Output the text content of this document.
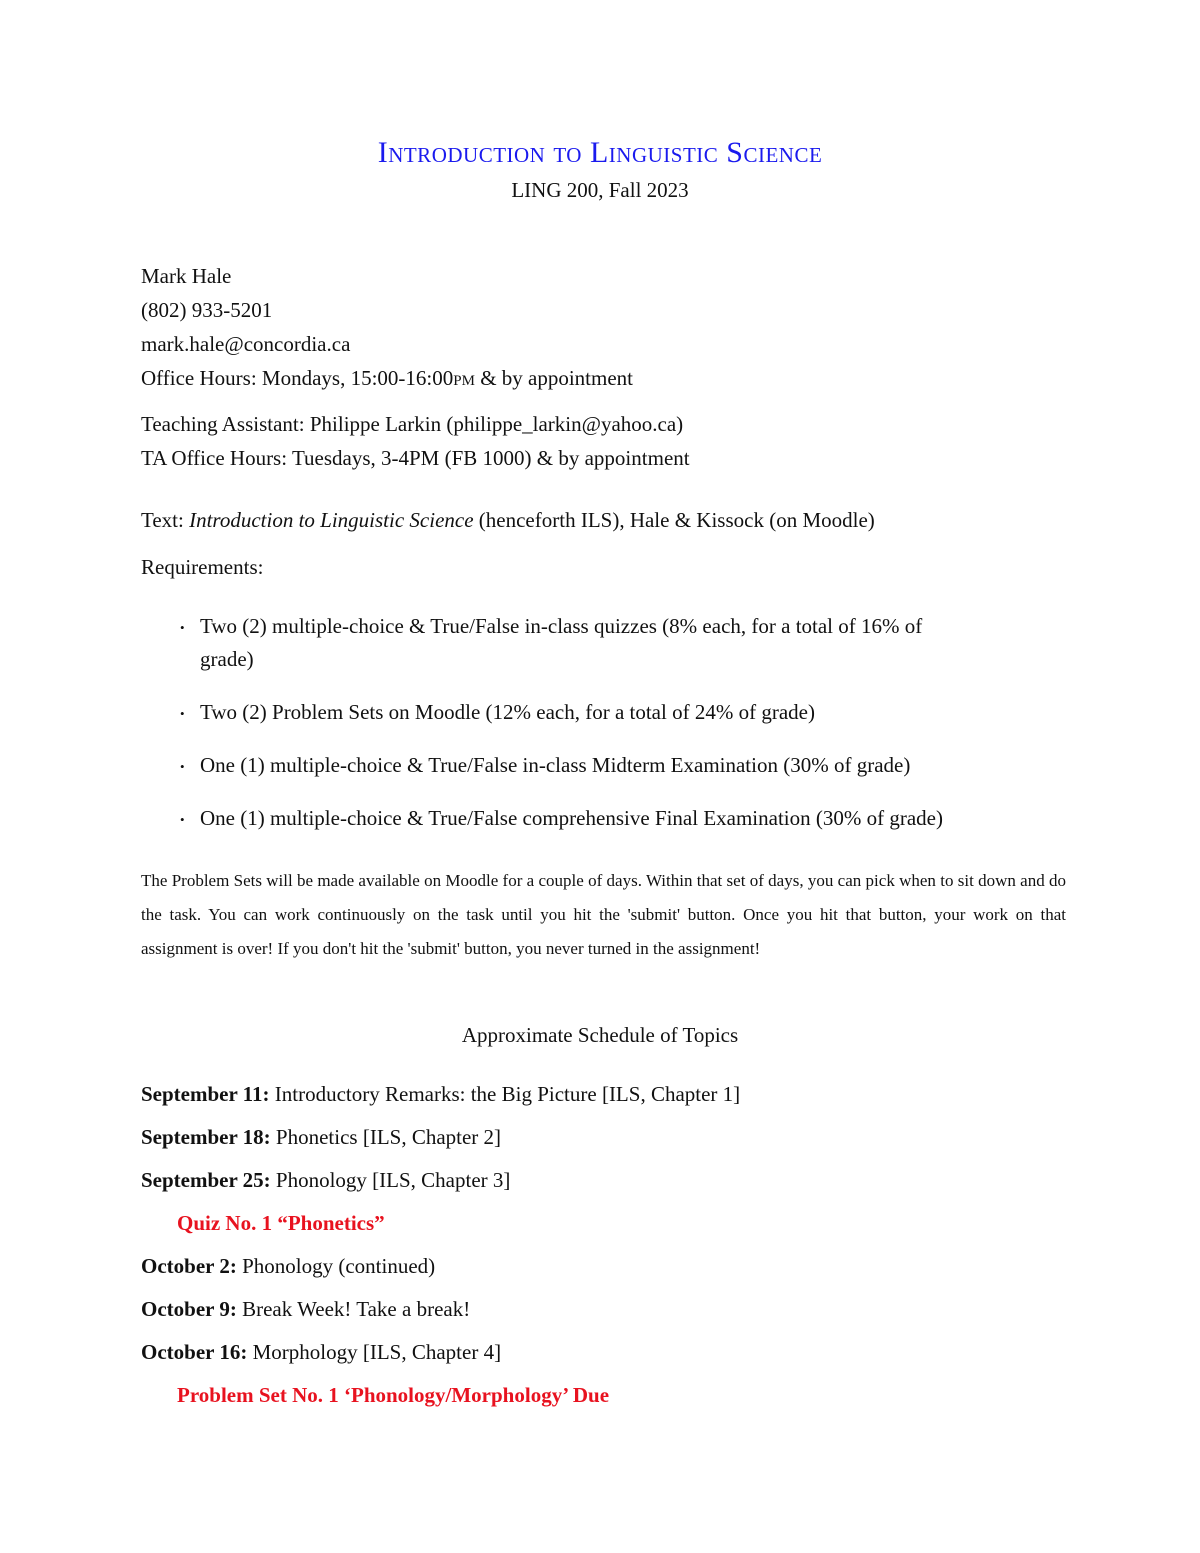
Introduction to Linguistic Science
LING 200, Fall 2023
Mark Hale
(802) 933-5201
mark.hale@concordia.ca
Office Hours: Mondays, 15:00-16:00pm & by appointment
Teaching Assistant: Philippe Larkin (philippe_larkin@yahoo.ca)
TA Office Hours: Tuesdays, 3-4PM (FB 1000) & by appointment
Text: Introduction to Linguistic Science (henceforth ILS), Hale & Kissock (on Moodle)
Requirements:
• Two (2) multiple-choice & True/False in-class quizzes (8% each, for a total of 16% of
grade)
• Two (2) Problem Sets on Moodle (12% each, for a total of 24% of grade)
• One (1) multiple-choice & True/False in-class Midterm Examination (30% of grade)
• One (1) multiple-choice & True/False comprehensive Final Examination (30% of grade)
The Problem Sets will be made available on Moodle for a couple of days. Within that set of days, you can pick when to sit down and do the task. You can work continuously on the task until you hit the 'submit' button. Once you hit that button, your work on that assignment is over! If you don't hit the 'submit' button, you never turned in the assignment!
Approximate Schedule of Topics
September 11: Introductory Remarks: the Big Picture [ILS, Chapter 1]
September 18: Phonetics [ILS, Chapter 2]
September 25: Phonology [ILS, Chapter 3]
Quiz No. 1 “Phonetics”
October 2: Phonology (continued)
October 9: Break Week! Take a break!
October 16: Morphology [ILS, Chapter 4]
Problem Set No. 1 ‘Phonology/Morphology’ Due
